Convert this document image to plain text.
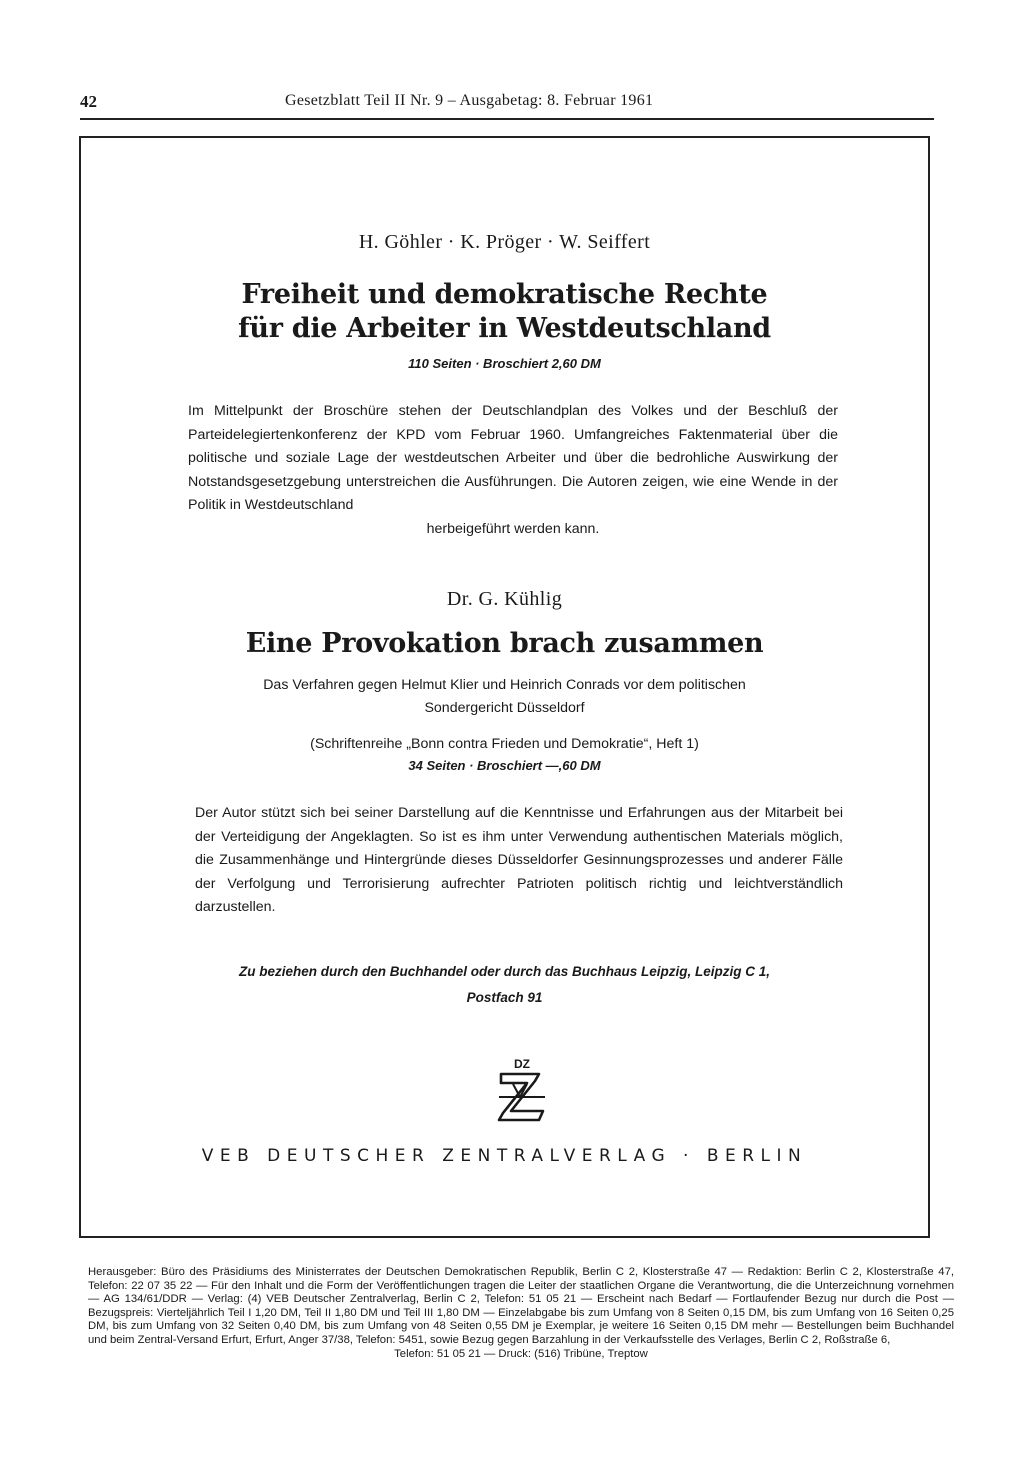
42	Gesetzblatt Teil II Nr. 9 – Ausgabetag: 8. Februar 1961
H. Göhler · K. Pröger · W. Seiffert
Freiheit und demokratische Rechte
für die Arbeiter in Westdeutschland
110 Seiten · Broschiert 2,60 DM
Im Mittelpunkt der Broschüre stehen der Deutschlandplan des Volkes und der Beschluß der Parteidelegiertenkonferenz der KPD vom Februar 1960. Umfangreiches Faktenmaterial über die politische und soziale Lage der westdeutschen Arbeiter und über die bedrohliche Auswirkung der Notstandsgesetzgebung unterstreichen die Ausführungen. Die Autoren zeigen, wie eine Wende in der Politik in Westdeutschland
herbeigeführt werden kann.
Dr. G. Kühlig
Eine Provokation brach zusammen
Das Verfahren gegen Helmut Klier und Heinrich Conrads vor dem politischen
Sondergericht Düsseldorf
(Schriftenreihe „Bonn contra Frieden und Demokratie“, Heft 1)
34 Seiten · Broschiert —,60 DM
Der Autor stützt sich bei seiner Darstellung auf die Kenntnisse und Erfahrungen aus der Mitarbeit bei der Verteidigung der Angeklagten. So ist es ihm unter Verwendung authentischen Materials möglich, die Zusammenhänge und Hintergründe dieses Düsseldorfer Gesinnungsprozesses und anderer Fälle der Verfolgung und Terrorisierung aufrechter Patrioten politisch richtig und leichtverständlich darzustellen.
Zu beziehen durch den Buchhandel oder durch das Buchhaus Leipzig, Leipzig C 1,
Postfach 91
DZ
VEB DEUTSCHER ZENTRALVERLAG · BERLIN
Herausgeber: Büro des Präsidiums des Ministerrates der Deutschen Demokratischen Republik, Berlin C 2, Klosterstraße 47 — Redaktion: Berlin C 2, Klosterstraße 47, Telefon: 22 07 35 22 — Für den Inhalt und die Form der Veröffentlichungen tragen die Leiter der staatlichen Organe die Verantwortung, die die Unterzeichnung vornehmen — AG 134/61/DDR — Verlag: (4) VEB Deutscher Zentralverlag, Berlin C 2, Telefon: 51 05 21 — Erscheint nach Bedarf — Fortlaufender Bezug nur durch die Post — Bezugspreis: Vierteljährlich Teil I 1,20 DM, Teil II 1,80 DM und Teil III 1,80 DM — Einzelabgabe bis zum Umfang von 8 Seiten 0,15 DM, bis zum Umfang von 16 Seiten 0,25 DM, bis zum Umfang von 32 Seiten 0,40 DM, bis zum Umfang von 48 Seiten 0,55 DM je Exemplar, je weitere 16 Seiten 0,15 DM mehr — Bestellungen beim Buchhandel und beim Zentral-Versand Erfurt, Erfurt, Anger 37/38, Telefon: 5451, sowie Bezug gegen Barzahlung in der Verkaufsstelle des Verlages, Berlin C 2, Roßstraße 6,
Telefon: 51 05 21 — Druck: (516) Tribüne, Treptow
